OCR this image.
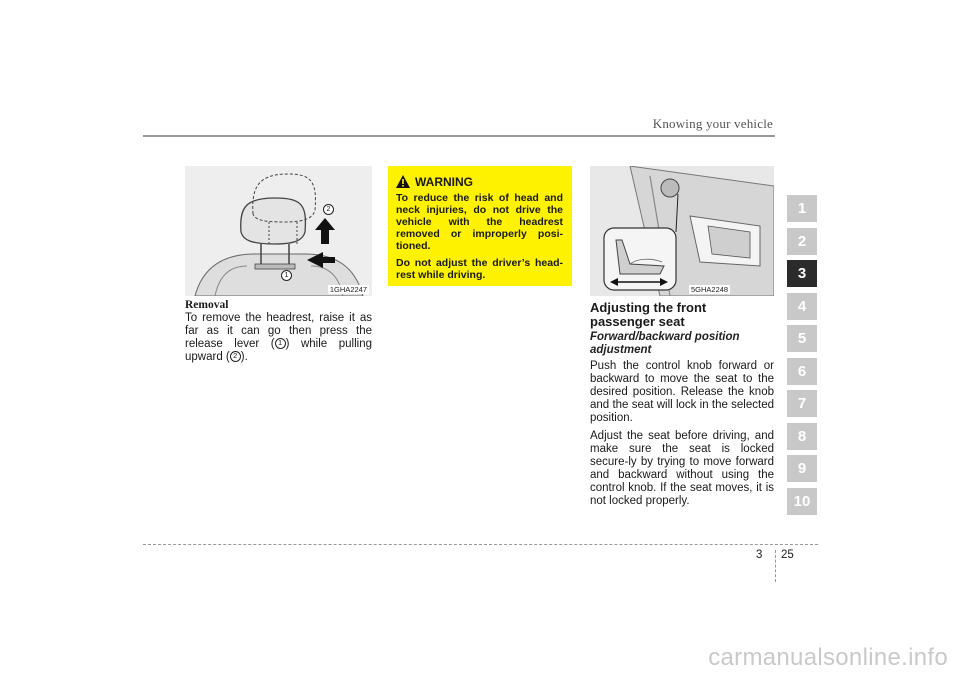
Knowing your vehicle
2
1
1GHA2247

Removal

To remove the headrest, raise it as far as it can go then press the release lever ( 1 ) while pulling upward ( 2 ).

WARNING

To reduce the risk of head and neck injuries, do not drive the vehicle with the headrest removed or improperly posi-tioned.

Do not adjust the driver’s head-rest while driving.

5GHA2248

Adjusting the front passenger seat

Forward/backward position adjustment

Push the control knob forward or backward to move the seat to the desired position. Release the knob and the seat will lock in the selected position.

Adjust the seat before driving, and make sure the seat is locked secure-ly by trying to move forward and backward without using the control knob. If the seat moves, it is not locked properly.

1
2
3
4
5
6
7
8
9
10
3 25
carmanualsonline.info
